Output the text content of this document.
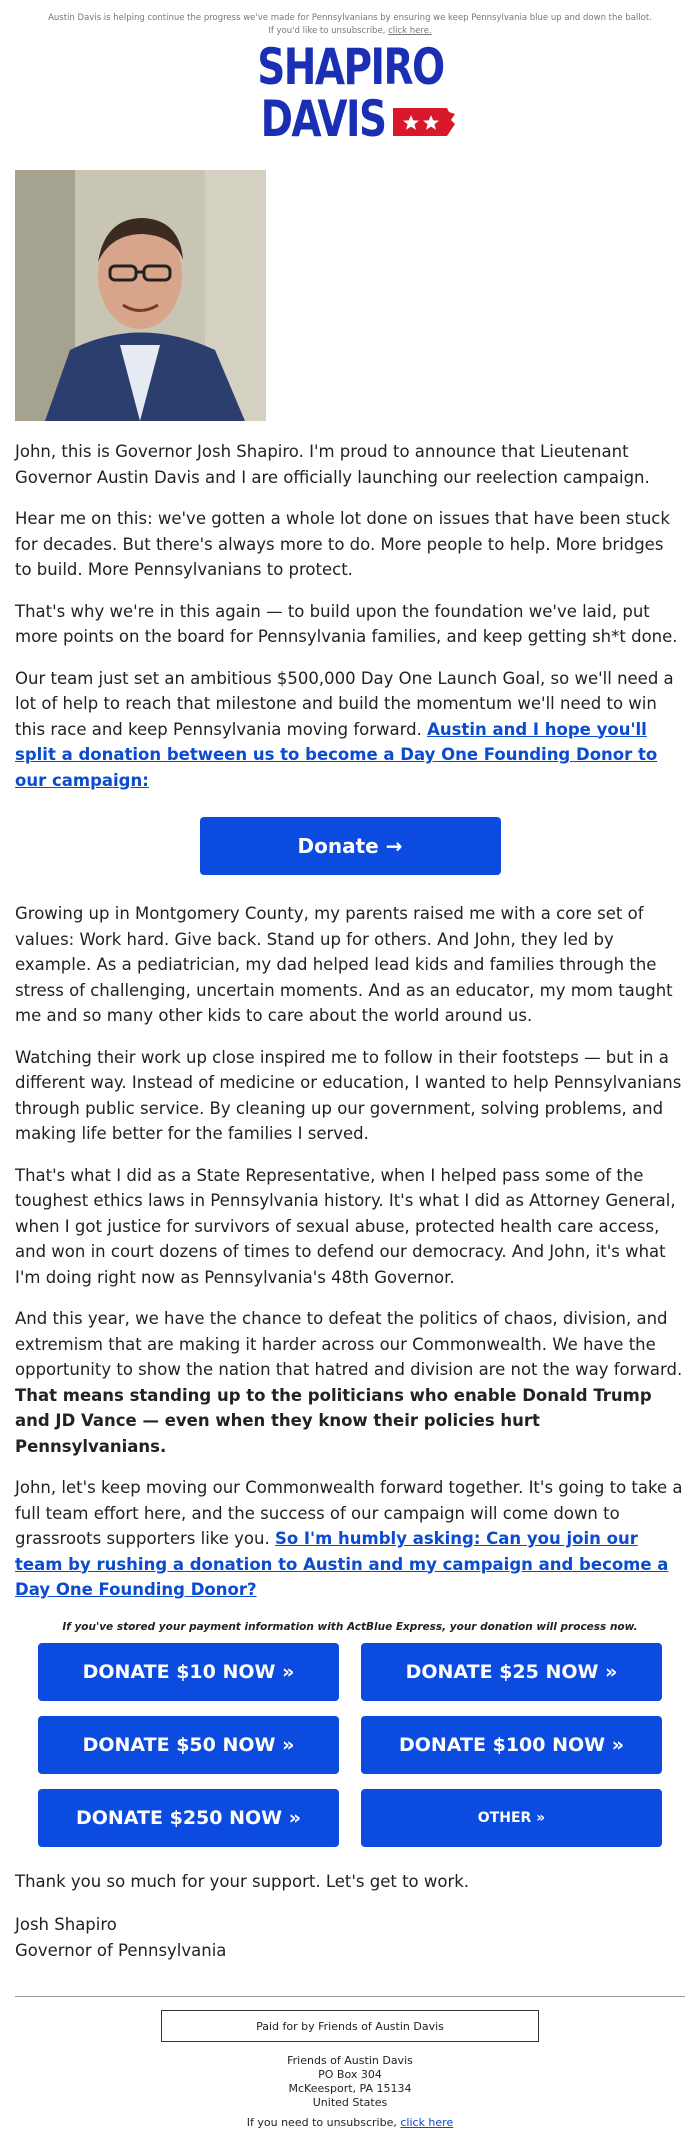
Austin Davis is helping continue the progress we've made for Pennsylvanians by ensuring we keep Pennsylvania blue up and down the ballot.
If you'd like to unsubscribe, click here.
SHAPIRO
DAVIS

John, this is Governor Josh Shapiro. I'm proud to announce that Lieutenant Governor Austin Davis and I are officially launching our reelection campaign.

Hear me on this: we've gotten a whole lot done on issues that have been stuck for decades. But there's always more to do. More people to help. More bridges to build. More Pennsylvanians to protect.

That's why we're in this again — to build upon the foundation we've laid, put more points on the board for Pennsylvania families, and keep getting sh*t done.

Our team just set an ambitious $500,000 Day One Launch Goal, so we'll need a lot of help to reach that milestone and build the momentum we'll need to win this race and keep Pennsylvania moving forward. Austin and I hope you'll split a donation between us to become a Day One Founding Donor to our campaign:

Donate →

Growing up in Montgomery County, my parents raised me with a core set of values: Work hard. Give back. Stand up for others. And John, they led by example. As a pediatrician, my dad helped lead kids and families through the stress of challenging, uncertain moments. And as an educator, my mom taught me and so many other kids to care about the world around us.

Watching their work up close inspired me to follow in their footsteps — but in a different way. Instead of medicine or education, I wanted to help Pennsylvanians through public service. By cleaning up our government, solving problems, and making life better for the families I served.

That's what I did as a State Representative, when I helped pass some of the toughest ethics laws in Pennsylvania history. It's what I did as Attorney General, when I got justice for survivors of sexual abuse, protected health care access, and won in court dozens of times to defend our democracy. And John, it's what I'm doing right now as Pennsylvania's 48th Governor.

And this year, we have the chance to defeat the politics of chaos, division, and extremism that are making it harder across our Commonwealth. We have the opportunity to show the nation that hatred and division are not the way forward. That means standing up to the politicians who enable Donald Trump and JD Vance — even when they know their policies hurt Pennsylvanians.

John, let's keep moving our Commonwealth forward together. It's going to take a full team effort here, and the success of our campaign will come down to grassroots supporters like you. So I'm humbly asking: Can you join our team by rushing a donation to Austin and my campaign and become a Day One Founding Donor?

If you've stored your payment information with ActBlue Express, your donation will process now.
DONATE $10 NOW »	DONATE $25 NOW »
DONATE $50 NOW »	DONATE $100 NOW »
DONATE $250 NOW »	OTHER »

Thank you so much for your support. Let's get to work.

Josh Shapiro
Governor of Pennsylvania

Paid for by Friends of Austin Davis
Friends of Austin Davis
PO Box 304
McKeesport, PA 15134
United States
If you need to unsubscribe, click here
